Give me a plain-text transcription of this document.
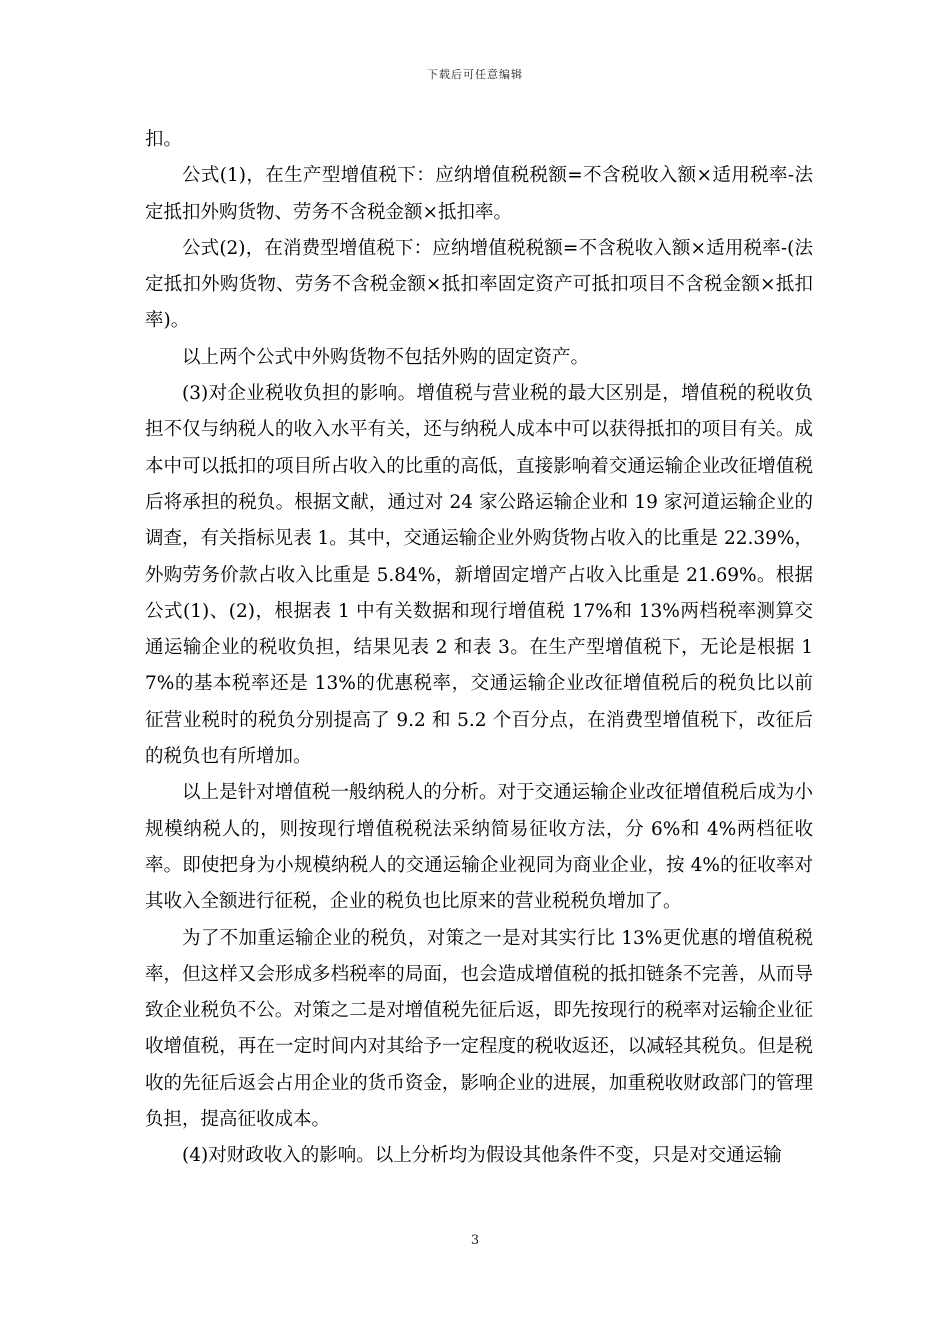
下载后可任意编辑

扣。

公式(1)，在生产型增值税下：应纳增值税税额=不含税收入额×适用税率-法定抵扣外购货物、劳务不含税金额×抵扣率。

公式(2)，在消费型增值税下：应纳增值税税额=不含税收入额×适用税率-(法定抵扣外购货物、劳务不含税金额×抵扣率固定资产可抵扣项目不含税金额×抵扣率)。

以上两个公式中外购货物不包括外购的固定资产。

(3)对企业税收负担的影响。增值税与营业税的最大区别是，增值税的税收负担不仅与纳税人的收入水平有关，还与纳税人成本中可以获得抵扣的项目有关。成本中可以抵扣的项目所占收入的比重的高低，直接影响着交通运输企业改征增值税后将承担的税负。根据文献，通过对 24 家公路运输企业和 19 家河道运输企业的调查，有关指标见表 1。其中，交通运输企业外购货物占收入的比重是 22.39%，外购劳务价款占收入比重是 5.84%，新增固定增产占收入比重是 21.69%。根据公式(1)、(2)，根据表 1 中有关数据和现行增值税 17%和 13%两档税率测算交通运输企业的税收负担，结果见表 2 和表 3。在生产型增值税下，无论是根据 17%的基本税率还是 13%的优惠税率，交通运输企业改征增值税后的税负比以前征营业税时的税负分别提高了 9.2 和 5.2 个百分点，在消费型增值税下，改征后的税负也有所增加。

以上是针对增值税一般纳税人的分析。对于交通运输企业改征增值税后成为小规模纳税人的，则按现行增值税税法采纳简易征收方法，分 6%和 4%两档征收率。即使把身为小规模纳税人的交通运输企业视同为商业企业，按 4%的征收率对其收入全额进行征税，企业的税负也比原来的营业税税负增加了。

为了不加重运输企业的税负，对策之一是对其实行比 13%更优惠的增值税税率，但这样又会形成多档税率的局面，也会造成增值税的抵扣链条不完善，从而导致企业税负不公。对策之二是对增值税先征后返，即先按现行的税率对运输企业征收增值税，再在一定时间内对其给予一定程度的税收返还，以减轻其税负。但是税收的先征后返会占用企业的货币资金，影响企业的进展，加重税收财政部门的管理负担，提高征收成本。

(4)对财政收入的影响。以上分析均为假设其他条件不变，只是对交通运输

3
